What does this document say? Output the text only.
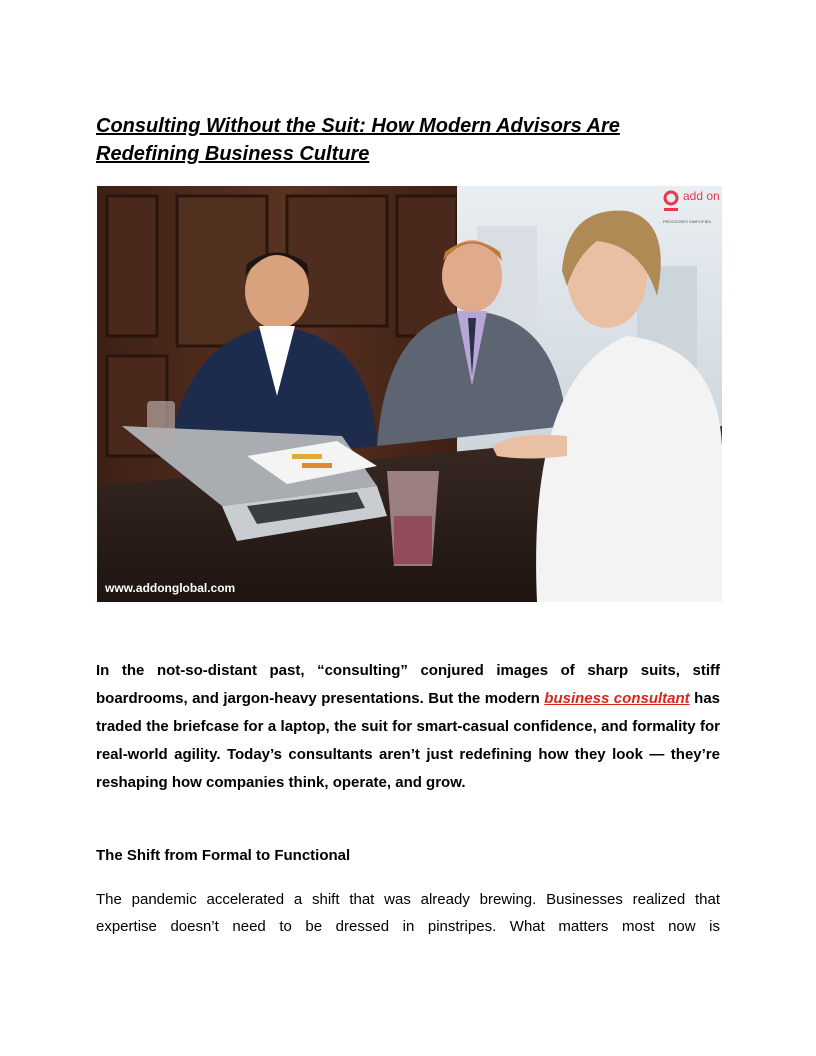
Consulting Without the Suit: How Modern Advisors Are
Redefining Business Culture
www.addonglobal.com
add on
PROCESSES SIMPLIFIED

In the not-so-distant past, “consulting” conjured images of sharp suits, stiff boardrooms, and jargon-heavy presentations. But the modern business consultant has traded the briefcase for a laptop, the suit for smart-casual confidence, and formality for real-world agility. Today’s consultants aren’t just redefining how they look — they’re reshaping how companies think, operate, and grow.

The Shift from Formal to Functional

The pandemic accelerated a shift that was already brewing. Businesses realized that expertise doesn’t need to be dressed in pinstripes. What matters most now is
